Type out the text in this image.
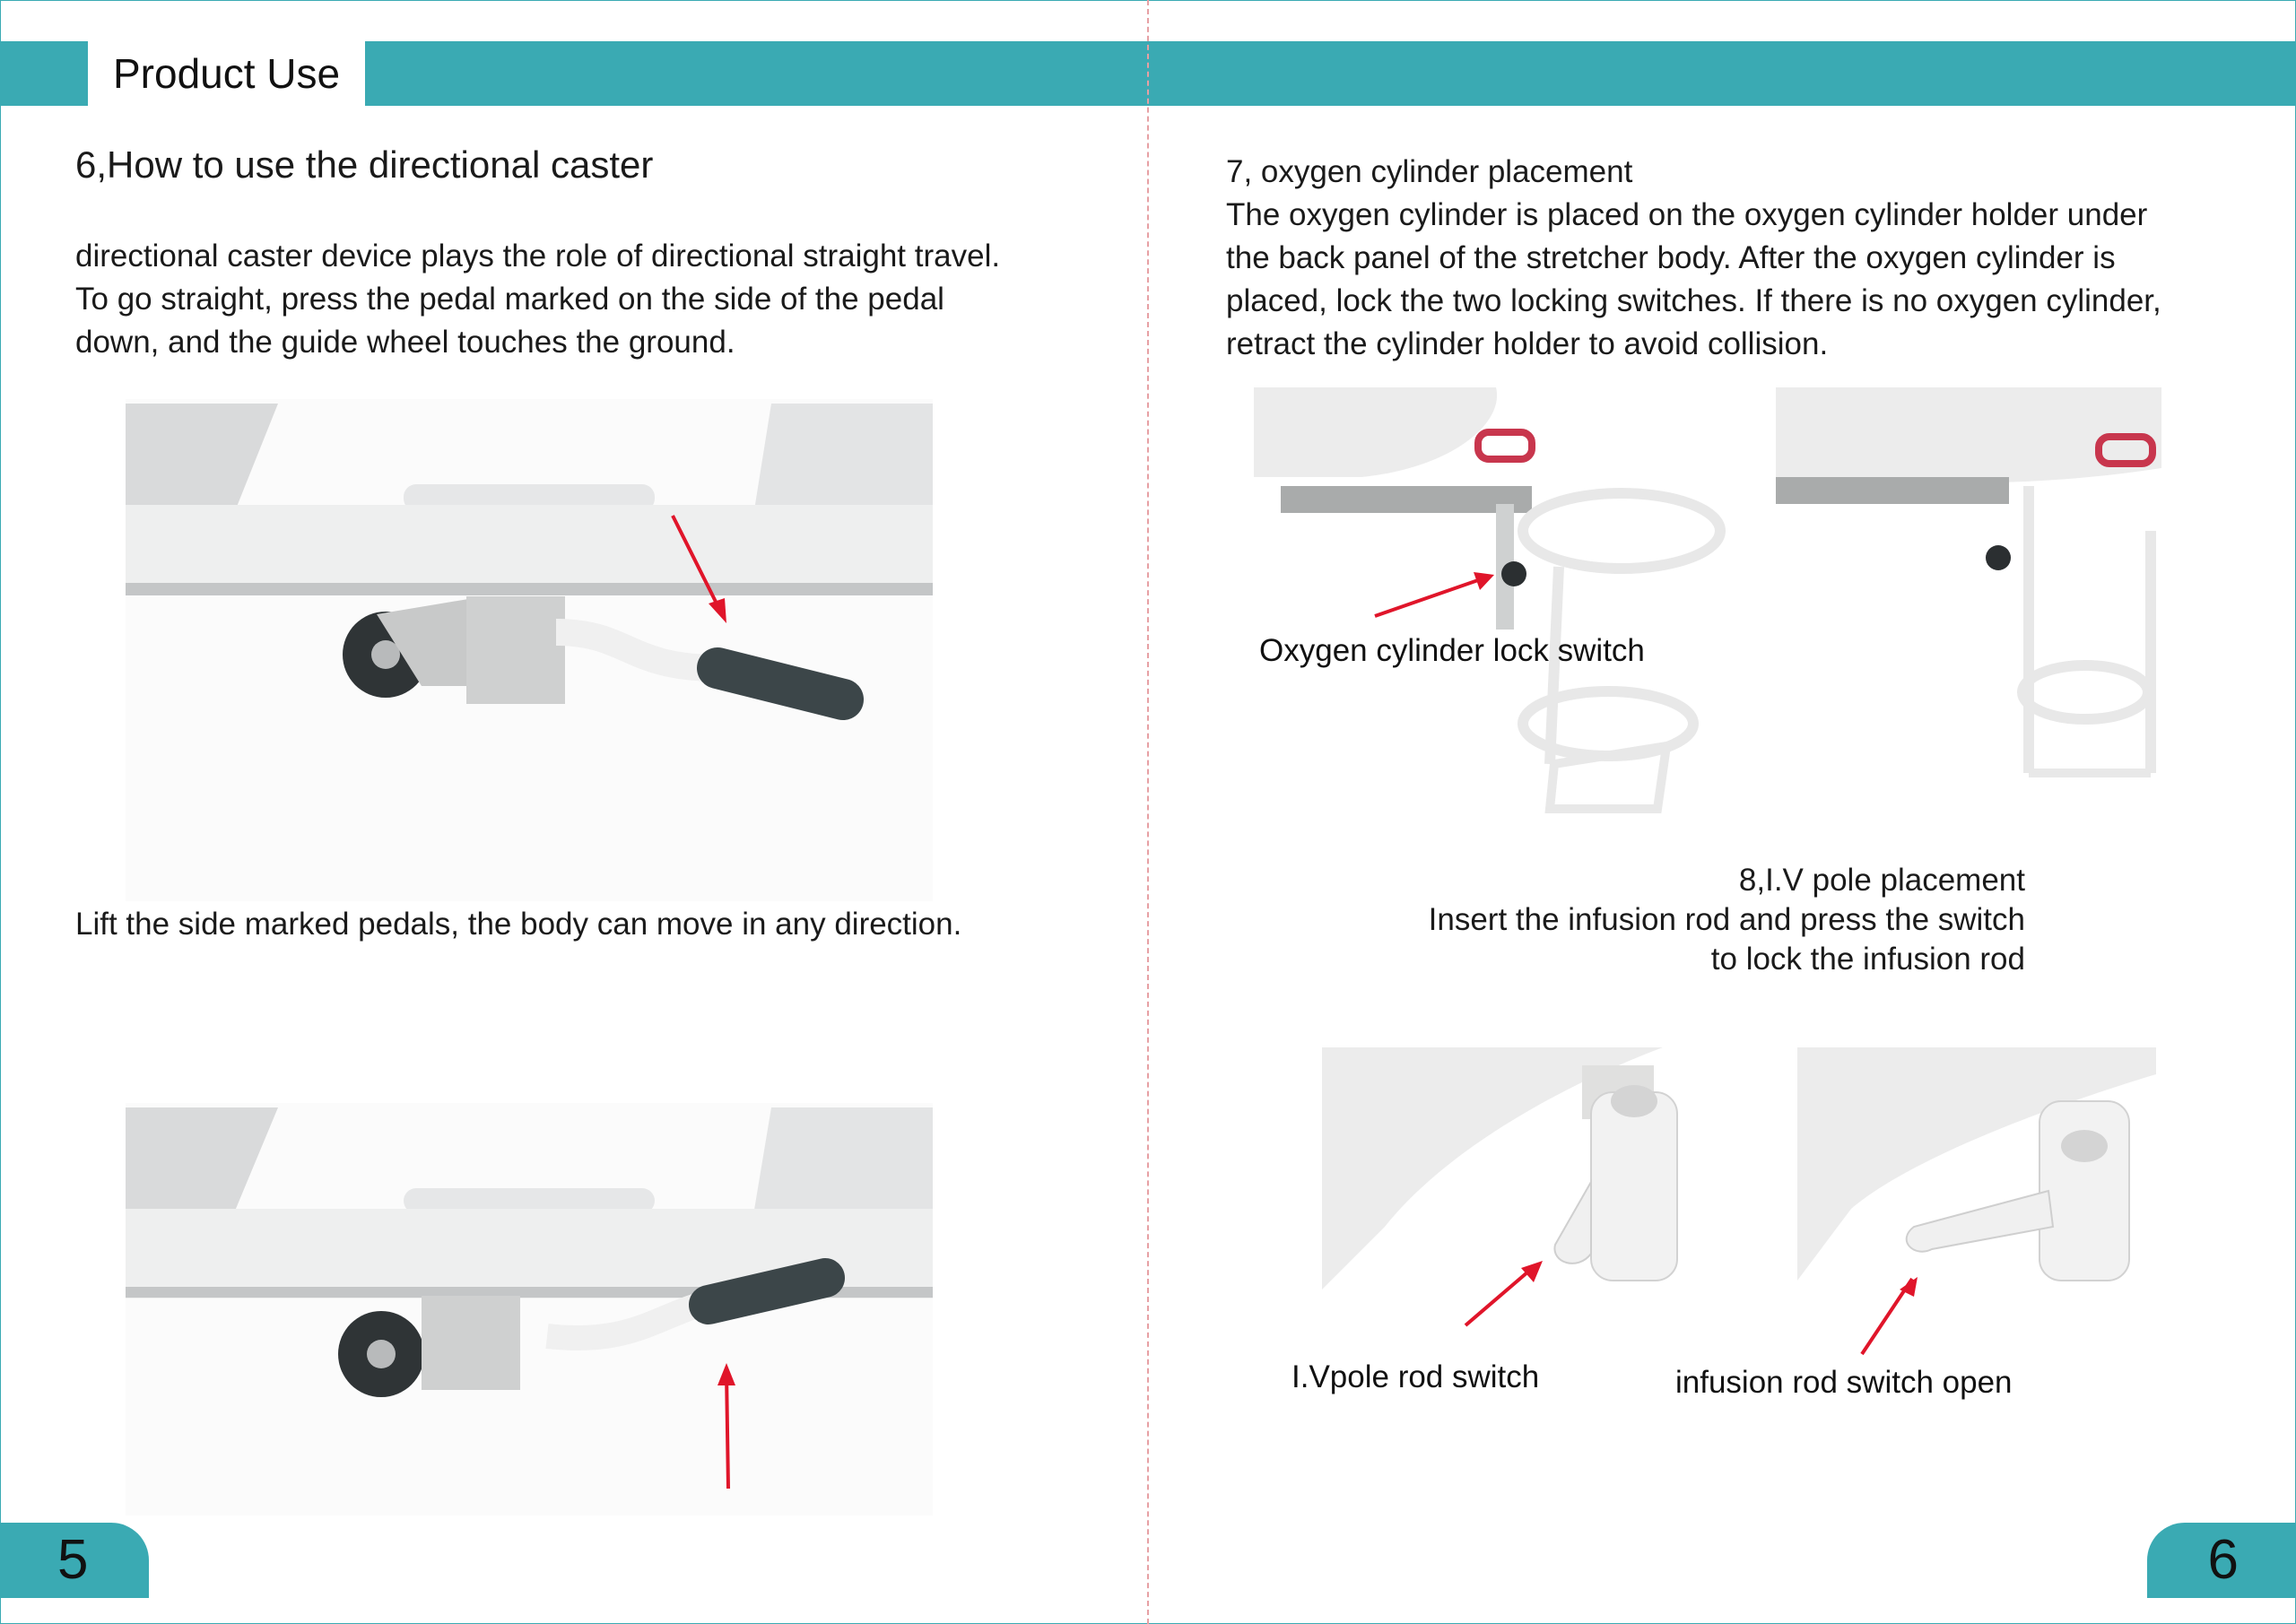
Product Use
6,How to use the directional caster
directional caster device plays the role of directional straight travel.
To go straight, press the pedal marked on the side of the pedal
down, and the guide wheel touches the ground.
Lift the side marked pedals, the body can move in any direction.
7, oxygen cylinder placement
The oxygen cylinder is placed on the oxygen cylinder holder under
the back panel of the stretcher body. After the oxygen cylinder is
placed, lock the two locking switches. If there is no oxygen cylinder,
retract the cylinder holder to avoid collision.
Oxygen cylinder lock switch
8,I.V pole placement
Insert the infusion rod and press the switch
to lock the infusion rod
I.Vpole rod switch	infusion rod switch open
5	6
